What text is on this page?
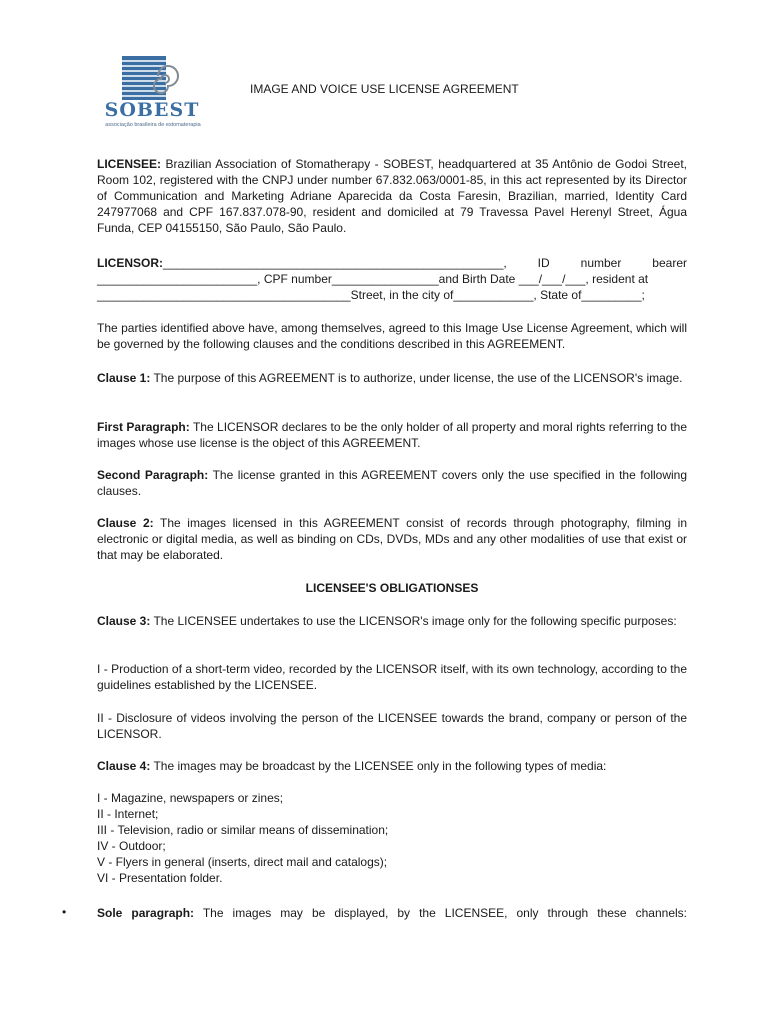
SOBEST
associação brasileira de estomaterapia
IMAGE AND VOICE USE LICENSE AGREEMENT
LICENSEE: Brazilian Association of Stomatherapy - SOBEST, headquartered at 35 Antônio de Godoi Street, Room 102, registered with the CNPJ under number 67.832.063/0001-85, in this act represented by its Director of Communication and Marketing Adriane Aparecida da Costa Faresin, Brazilian, married, Identity Card 247977068 and CPF 167.837.078-90, resident and domiciled at 79 Travessa Pavel Herenyl Street, Água Funda, CEP 04155150, São Paulo, São Paulo.
LICENSOR:___________________________________________________, ID number bearer
________________________, CPF number________________and Birth Date ___/___/___, resident at
______________________________________Street, in the city of____________, State of_________;
The parties identified above have, among themselves, agreed to this Image Use License Agreement, which will be governed by the following clauses and the conditions described in this AGREEMENT.
Clause 1: The purpose of this AGREEMENT is to authorize, under license, the use of the LICENSOR's image.
First Paragraph: The LICENSOR declares to be the only holder of all property and moral rights referring to the images whose use license is the object of this AGREEMENT.
Second Paragraph: The license granted in this AGREEMENT covers only the use specified in the following clauses.
Clause 2: The images licensed in this AGREEMENT consist of records through photography, filming in electronic or digital media, as well as binding on CDs, DVDs, MDs and any other modalities of use that exist or that may be elaborated.
LICENSEE'S OBLIGATIONSES
Clause 3: The LICENSEE undertakes to use the LICENSOR's image only for the following specific purposes:
I - Production of a short-term video, recorded by the LICENSOR itself, with its own technology, according to the guidelines established by the LICENSEE.
II - Disclosure of videos involving the person of the LICENSEE towards the brand, company or person of the LICENSOR.
Clause 4: The images may be broadcast by the LICENSEE only in the following types of media:
I - Magazine, newspapers or zines;
II - Internet;
III - Television, radio or similar means of dissemination;
IV - Outdoor;
V - Flyers in general (inserts, direct mail and catalogs);
VI - Presentation folder.
•	Sole paragraph: The images may be displayed, by the LICENSEE, only through these channels:
